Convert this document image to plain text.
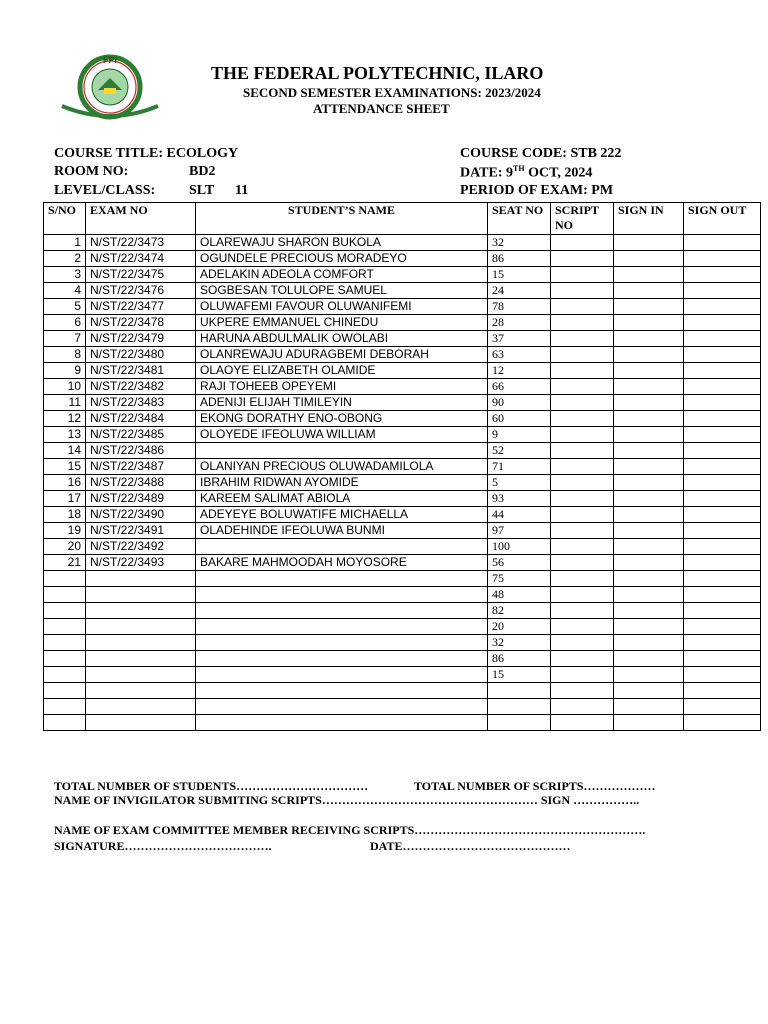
FPI
THE FEDERAL POLYTECHNIC, ILARO
SECOND SEMESTER EXAMINATIONS: 2023/2024
ATTENDANCE SHEET
COURSE TITLE: ECOLOGY
ROOM NO:	BD2
LEVEL/CLASS: SLT 11
COURSE CODE: STB 222
DATE: 9TH OCT, 2024
PERIOD OF EXAM: PM
S/NO	EXAM NO	STUDENT’S NAME	SEAT NO	SCRIPT NO	SIGN IN	SIGN OUT
1	N/ST/22/3473	OLAREWAJU SHARON BUKOLA	32			
2	N/ST/22/3474	OGUNDELE PRECIOUS MORADEYO	86			
3	N/ST/22/3475	ADELAKIN ADEOLA COMFORT	15			
4	N/ST/22/3476	SOGBESAN TOLULOPE SAMUEL	24			
5	N/ST/22/3477	OLUWAFEMI FAVOUR OLUWANIFEMI	78			
6	N/ST/22/3478	UKPERE EMMANUEL CHINEDU	28			
7	N/ST/22/3479	HARUNA ABDULMALIK OWOLABI	37			
8	N/ST/22/3480	OLANREWAJU ADURAGBEMI DEBORAH	63			
9	N/ST/22/3481	OLAOYE ELIZABETH OLAMIDE	12			
10	N/ST/22/3482	RAJI TOHEEB OPEYEMI	66			
11	N/ST/22/3483	ADENIJI ELIJAH TIMILEYIN	90			
12	N/ST/22/3484	EKONG DORATHY ENO-OBONG	60			
13	N/ST/22/3485	OLOYEDE IFEOLUWA WILLIAM	9			
14	N/ST/22/3486		52			
15	N/ST/22/3487	OLANIYAN PRECIOUS OLUWADAMILOLA	71			
16	N/ST/22/3488	IBRAHIM RIDWAN AYOMIDE	5			
17	N/ST/22/3489	KAREEM SALIMAT ABIOLA	93			
18	N/ST/22/3490	ADEYEYE BOLUWATIFE MICHAELLA	44			
19	N/ST/22/3491	OLADEHINDE IFEOLUWA BUNMI	97			
20	N/ST/22/3492		100			
21	N/ST/22/3493	BAKARE MAHMOODAH MOYOSORE	56			
			75			
			48			
			82			
			20			
			32			
			86			
			15			

TOTAL NUMBER OF STUDENTS……………………………	TOTAL NUMBER OF SCRIPTS………………
NAME OF INVIGILATOR SUBMITING SCRIPTS……………………………………………… SIGN ……………..
NAME OF EXAM COMMITTEE MEMBER RECEIVING SCRIPTS………………………………………………….
SIGNATURE……………………………….	DATE……………………………………
